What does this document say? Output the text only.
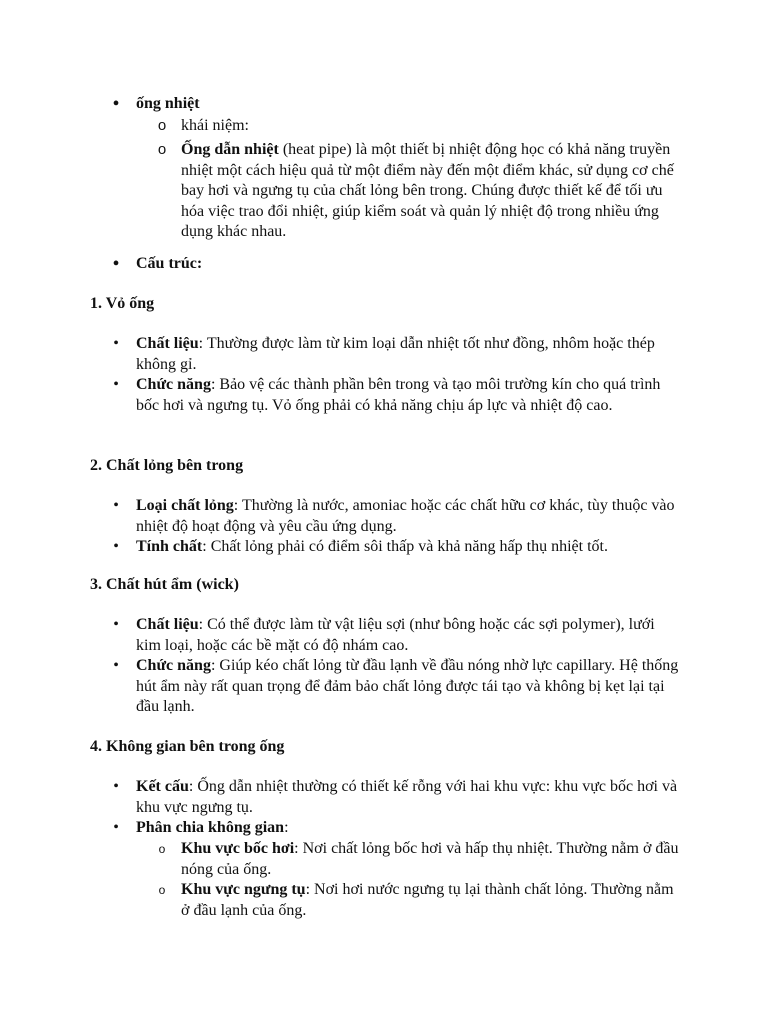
• ống nhiệt
o khái niệm:
o Ống dẫn nhiệt (heat pipe) là một thiết bị nhiệt động học có khả năng truyền nhiệt một cách hiệu quả từ một điểm này đến một điểm khác, sử dụng cơ chế bay hơi và ngưng tụ của chất lỏng bên trong. Chúng được thiết kế để tối ưu hóa việc trao đổi nhiệt, giúp kiểm soát và quản lý nhiệt độ trong nhiều ứng dụng khác nhau.
• Cấu trúc:
1. Vỏ ống
• Chất liệu: Thường được làm từ kim loại dẫn nhiệt tốt như đồng, nhôm hoặc thép không gỉ.
• Chức năng: Bảo vệ các thành phần bên trong và tạo môi trường kín cho quá trình bốc hơi và ngưng tụ. Vỏ ống phải có khả năng chịu áp lực và nhiệt độ cao.
2. Chất lỏng bên trong
• Loại chất lỏng: Thường là nước, amoniac hoặc các chất hữu cơ khác, tùy thuộc vào nhiệt độ hoạt động và yêu cầu ứng dụng.
• Tính chất: Chất lỏng phải có điểm sôi thấp và khả năng hấp thụ nhiệt tốt.
3. Chất hút ẩm (wick)
• Chất liệu: Có thể được làm từ vật liệu sợi (như bông hoặc các sợi polymer), lưới kim loại, hoặc các bề mặt có độ nhám cao.
• Chức năng: Giúp kéo chất lỏng từ đầu lạnh về đầu nóng nhờ lực capillary. Hệ thống hút ẩm này rất quan trọng để đảm bảo chất lỏng được tái tạo và không bị kẹt lại tại đầu lạnh.
4. Không gian bên trong ống
• Kết cấu: Ống dẫn nhiệt thường có thiết kế rỗng với hai khu vực: khu vực bốc hơi và khu vực ngưng tụ.
• Phân chia không gian:
o Khu vực bốc hơi: Nơi chất lỏng bốc hơi và hấp thụ nhiệt. Thường nằm ở đầu nóng của ống.
o Khu vực ngưng tụ: Nơi hơi nước ngưng tụ lại thành chất lỏng. Thường nằm ở đầu lạnh của ống.
